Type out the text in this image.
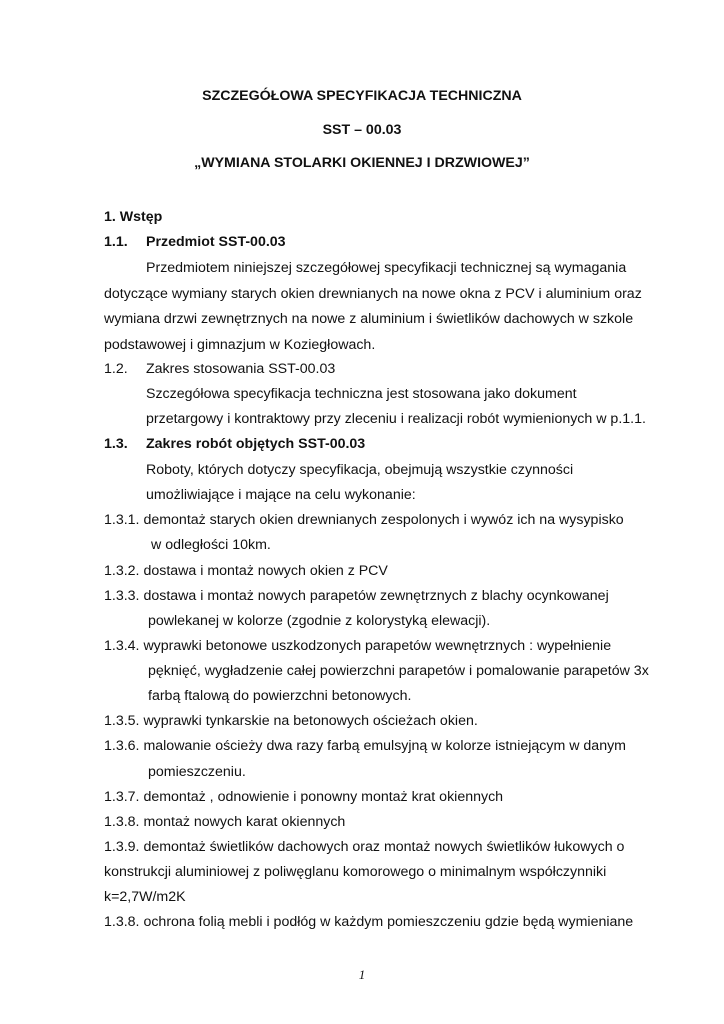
SZCZEGÓŁOWA SPECYFIKACJA TECHNICZNA
SST – 00.03
„WYMIANA STOLARKI OKIENNEJ I DRZWIOWEJ”
1. Wstęp
1.1. Przedmiot SST-00.03
Przedmiotem niniejszej szczegółowej specyfikacji technicznej są wymagania
dotyczące wymiany starych okien drewnianych na nowe okna z PCV i aluminium oraz
wymiana drzwi zewnętrznych na nowe z aluminium i świetlików dachowych w szkole
podstawowej i gimnazjum w Koziegłowach.
1.2. Zakres stosowania SST-00.03
Szczegółowa specyfikacja techniczna jest stosowana jako dokument
przetargowy i kontraktowy przy zleceniu i realizacji robót wymienionych w p.1.1.
1.3. Zakres robót objętych SST-00.03
Roboty, których dotyczy specyfikacja, obejmują wszystkie czynności
umożliwiające i mające na celu wykonanie:
1.3.1. demontaż starych okien drewnianych zespolonych i wywóz ich na wysypisko
w odległości 10km.
1.3.2. dostawa i montaż nowych okien z PCV
1.3.3. dostawa i montaż nowych parapetów zewnętrznych z blachy ocynkowanej
powlekanej w kolorze (zgodnie z kolorystyką elewacji).
1.3.4. wyprawki betonowe uszkodzonych parapetów wewnętrznych : wypełnienie
pęknięć, wygładzenie całej powierzchni parapetów i pomalowanie parapetów 3x
farbą ftalową do powierzchni betonowych.
1.3.5. wyprawki tynkarskie na betonowych ościeżach okien.
1.3.6. malowanie ościeży dwa razy farbą emulsyjną w kolorze istniejącym w danym
pomieszczeniu.
1.3.7. demontaż , odnowienie i ponowny montaż krat okiennych
1.3.8. montaż nowych karat okiennych
1.3.9. demontaż świetlików dachowych oraz montaż nowych świetlików łukowych o
konstrukcji aluminiowej z poliwęglanu komorowego o minimalnym współczynniki
k=2,7W/m2K
1.3.8. ochrona folią mebli i podłóg w każdym pomieszczeniu gdzie będą wymieniane
1
